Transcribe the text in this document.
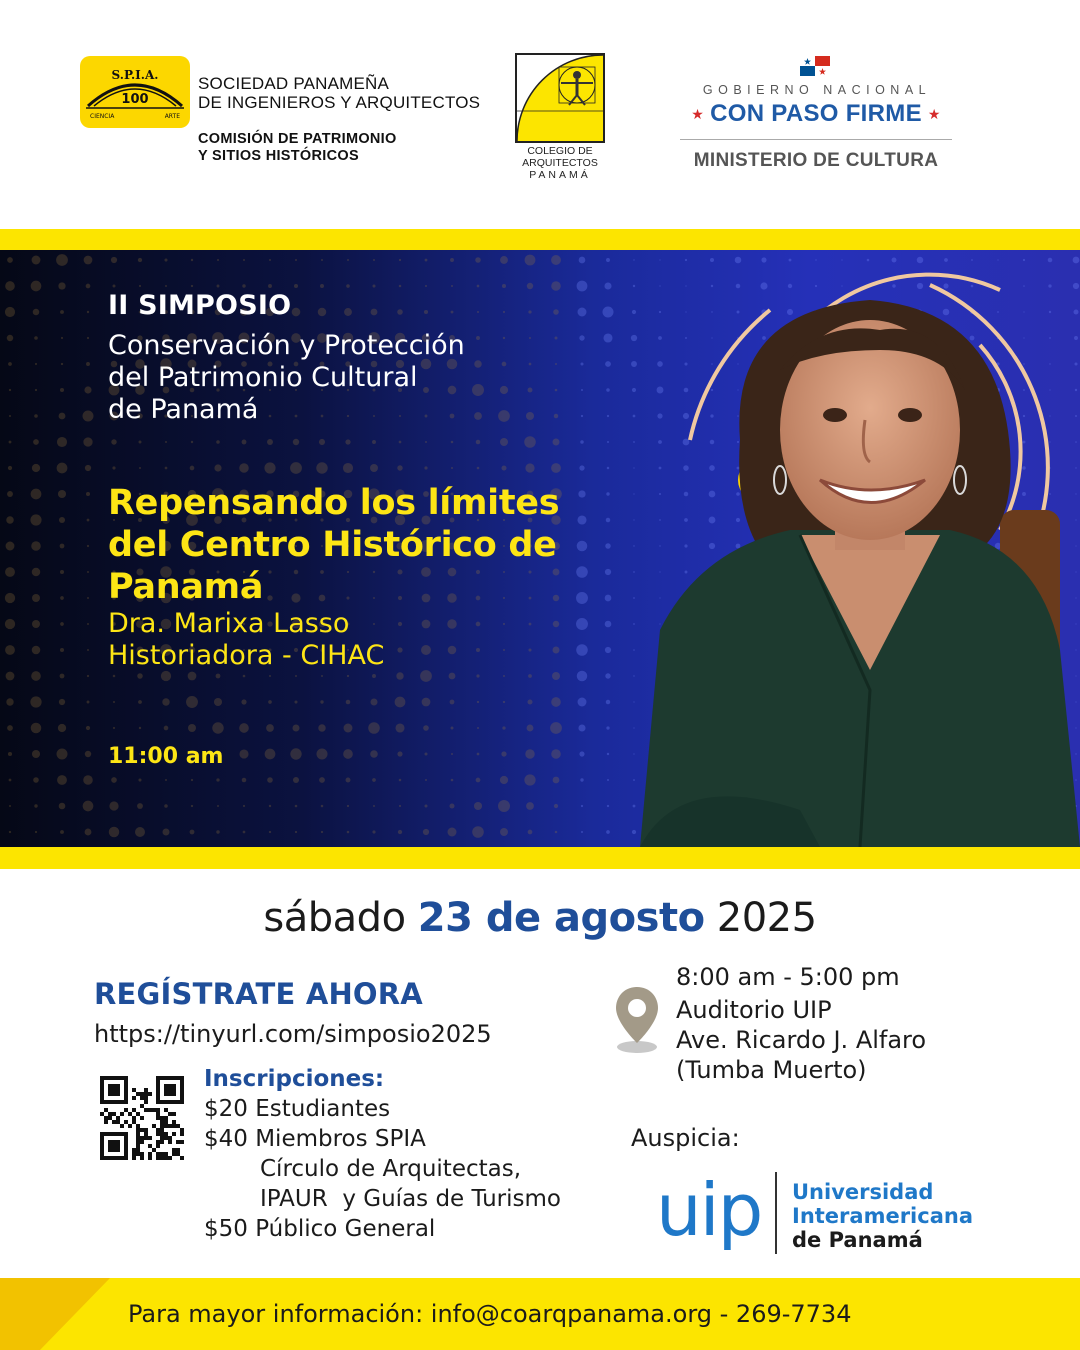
S.P.I.A.
100
CIENCIA	ARTE
SOCIEDAD PANAMEÑA
DE INGENIEROS Y ARQUITECTOS
COMISIÓN DE PATRIMONIO
Y SITIOS HISTÓRICOS	COLEGIO DE
ARQUITECTOS
PANAMÁ
GOBIERNO NACIONAL
★ CON PASO FIRME ★
MINISTERIO DE CULTURA
II SIMPOSIO
Conservación y Protección
del Patrimonio Cultural
de Panamá
Repensando los límites
del Centro Histórico de
Panamá
Dra. Marixa Lasso
Historiadora - CIHAC
11:00 am
sábado 23 de agosto 2025
REGÍSTRATE AHORA
https://tinyurl.com/simposio2025
Inscripciones:
$20 Estudiantes
$40 Miembros SPIA
Círculo de Arquitectas,
IPAUR  y Guías de Turismo
$50 Público General
8:00 am - 5:00 pm
Auditorio UIP
Ave. Ricardo J. Alfaro
(Tumba Muerto)
Auspicia:
uip Universidad
Interamericana
de Panamá
Para mayor información: info@coarqpanama.org - 269-7734
